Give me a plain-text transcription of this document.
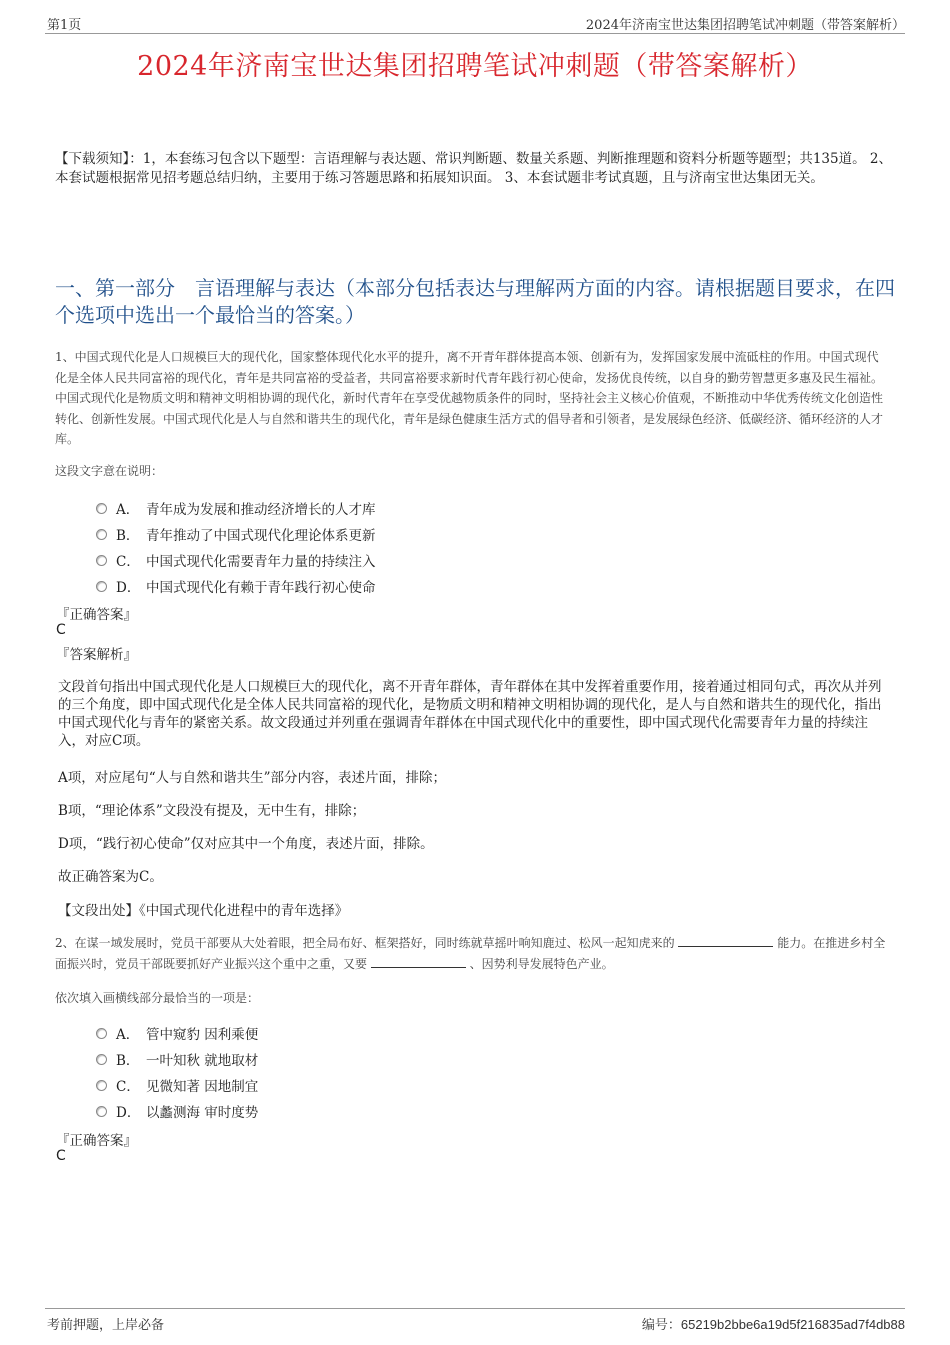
第1页	2024年济南宝世达集团招聘笔试冲刺题（带答案解析）
2024年济南宝世达集团招聘笔试冲刺题（带答案解析）
【下载须知】：1，本套练习包含以下题型：言语理解与表达题、常识判断题、数量关系题、判断推理题和资料分析题等题型；共135道。 2、本套试题根据常见招考题总结归纳，主要用于练习答题思路和拓展知识面。 3、本套试题非考试真题，且与济南宝世达集团无关。
一、第一部分　言语理解与表达（本部分包括表达与理解两方面的内容。请根据题目要求，在四个选项中选出一个最恰当的答案。）
1、中国式现代化是人口规模巨大的现代化，国家整体现代化水平的提升，离不开青年群体提高本领、创新有为，发挥国家发展中流砥柱的作用。中国式现代化是全体人民共同富裕的现代化，青年是共同富裕的受益者，共同富裕要求新时代青年践行初心使命，发扬优良传统，以自身的勤劳智慧更多惠及民生福祉。中国式现代化是物质文明和精神文明相协调的现代化，新时代青年在享受优越物质条件的同时，坚持社会主义核心价值观，不断推动中华优秀传统文化创造性转化、创新性发展。中国式现代化是人与自然和谐共生的现代化，青年是绿色健康生活方式的倡导者和引领者，是发展绿色经济、低碳经济、循环经济的人才库。
这段文字意在说明：
A． 青年成为发展和推动经济增长的人才库
B． 青年推动了中国式现代化理论体系更新
C． 中国式现代化需要青年力量的持续注入
D． 中国式现代化有赖于青年践行初心使命
『正确答案』
C
『答案解析』
文段首句指出中国式现代化是人口规模巨大的现代化，离不开青年群体，青年群体在其中发挥着重要作用，接着通过相同句式，再次从并列的三个角度，即中国式现代化是全体人民共同富裕的现代化，是物质文明和精神文明相协调的现代化，是人与自然和谐共生的现代化，指出中国式现代化与青年的紧密关系。故文段通过并列重在强调青年群体在中国式现代化中的重要性，即中国式现代化需要青年力量的持续注入，对应C项。
A项，对应尾句“人与自然和谐共生”部分内容，表述片面，排除；
B项，“理论体系”文段没有提及，无中生有，排除；
D项，“践行初心使命”仅对应其中一个角度，表述片面，排除。
故正确答案为C。
【文段出处】《中国式现代化进程中的青年选择》
2、在谋一域发展时，党员干部要从大处着眼，把全局布好、框架搭好，同时练就草摇叶响知鹿过、松风一起知虎来的	能力。在推进乡村全面振兴时，党员干部既要抓好产业振兴这个重中之重，又要	、因势利导发展特色产业。
依次填入画横线部分最恰当的一项是：
A． 管中窥豹 因利乘便
B． 一叶知秋 就地取材
C． 见微知著 因地制宜
D． 以蠡测海 审时度势
『正确答案』
C
考前押题，上岸必备	编号：65219b2bbe6a19d5f216835ad7f4db88
